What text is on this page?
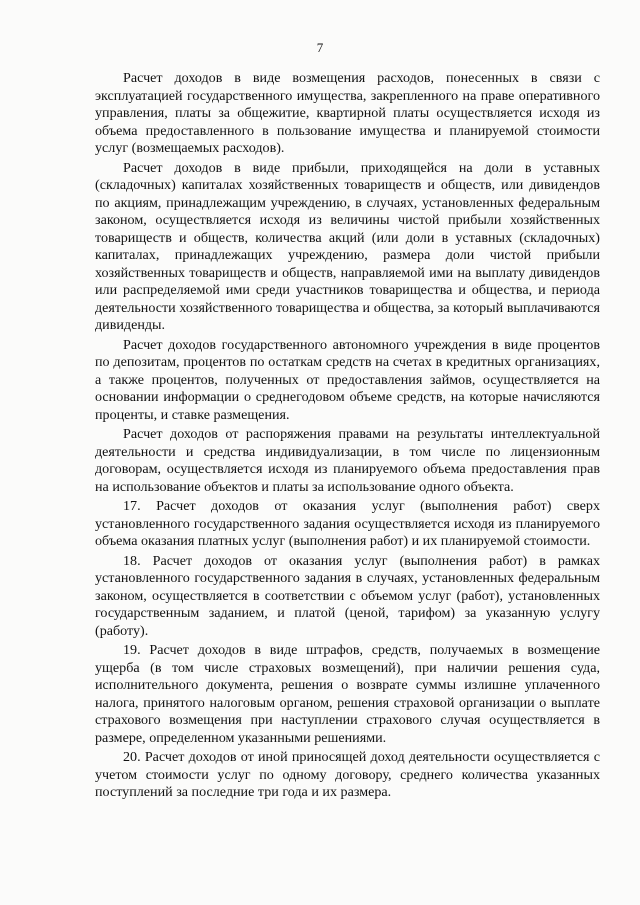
7

Расчет доходов в виде возмещения расходов, понесенных в связи с эксплуатацией государственного имущества, закрепленного на праве оперативного управления, платы за общежитие, квартирной платы осуществляется исходя из объема предоставленного в пользование имущества и планируемой стоимости услуг (возмещаемых расходов).

Расчет доходов в виде прибыли, приходящейся на доли в уставных (складочных) капиталах хозяйственных товариществ и обществ, или дивидендов по акциям, принадлежащим учреждению, в случаях, установленных федеральным законом, осуществляется исходя из величины чистой прибыли хозяйственных товариществ и обществ, количества акций (или доли в уставных (складочных) капиталах, принадлежащих учреждению, размера доли чистой прибыли хозяйственных товариществ и обществ, направляемой ими на выплату дивидендов или распределяемой ими среди участников товарищества и общества, и периода деятельности хозяйственного товарищества и общества, за который выплачиваются дивиденды.

Расчет доходов государственного автономного учреждения в виде процентов по депозитам, процентов по остаткам средств на счетах в кредитных организациях, а также процентов, полученных от предоставления займов, осуществляется на основании информации о среднегодовом объеме средств, на которые начисляются проценты, и ставке размещения.

Расчет доходов от распоряжения правами на результаты интеллектуальной деятельности и средства индивидуализации, в том числе по лицензионным договорам, осуществляется исходя из планируемого объема предоставления прав на использование объектов и платы за использование одного объекта.

17. Расчет доходов от оказания услуг (выполнения работ) сверх установленного государственного задания осуществляется исходя из планируемого объема оказания платных услуг (выполнения работ) и их планируемой стоимости.

18. Расчет доходов от оказания услуг (выполнения работ) в рамках установленного государственного задания в случаях, установленных федеральным законом, осуществляется в соответствии с объемом услуг (работ), установленных государственным заданием, и платой (ценой, тарифом) за указанную услугу (работу).

19. Расчет доходов в виде штрафов, средств, получаемых в возмещение ущерба (в том числе страховых возмещений), при наличии решения суда, исполнительного документа, решения о возврате суммы излишне уплаченного налога, принятого налоговым органом, решения страховой организации о выплате страхового возмещения при наступлении страхового случая осуществляется в размере, определенном указанными решениями.

20. Расчет доходов от иной приносящей доход деятельности осуществляется с учетом стоимости услуг по одному договору, среднего количества указанных поступлений за последние три года и их размера.
